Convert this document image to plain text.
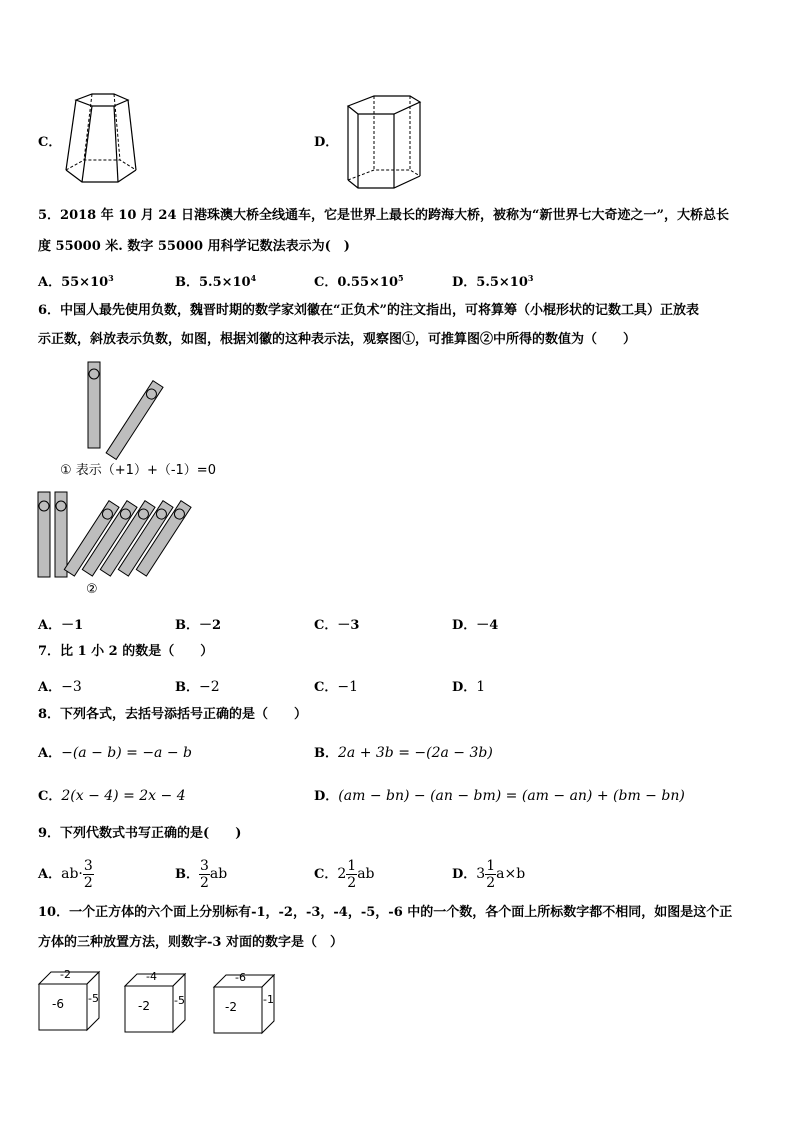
C．	D．
5．2018 年 10 月 24 日港珠澳大桥全线通车，它是世界上最长的跨海大桥，被称为“新世界七大奇迹之一”，大桥总长
度 55000 米. 数字 55000 用科学记数法表示为(　)
A．$55\times 10^3$	B．$5.5\times 10^4$	C．$0.55\times 10^5$	D．$5.5\times 10^3$
6．中国人最先使用负数，魏晋时期的数学家刘徽在“正负术”的注文指出，可将算筹（小棍形状的记数工具）正放表
示正数，斜放表示负数，如图，根据刘徽的这种表示法，观察图①，可推算图②中所得的数值为（　　）
① 表示（+1）+（-1）=0
②
A．－1	B．－2	C．－3	D．－4
7．比 1 小 2 的数是（　　）
A．−3	B．−2	C．−1	D．1
8．下列各式，去括号添括号正确的是（　　）
A．−(a − b) = −a − b	B．2a + 3b = −(2a − 3b)
C．2(x − 4) = 2x − 4	D．(am − bn) − (an − bm) = (am − an) + (bm − bn)
9．下列代数式书写正确的是(　　)
A．$ab\cdot \frac{3}{2}$	B． $\frac{3}{2}$ ab	C．$2 \frac{1}{2}$ ab	D．$3 \frac{1}{2} a\times b$
10．一个正方体的六个面上分别标有-1，-2，-3，-4，-5，-6 中的一个数，各个面上所标数字都不相同，如图是这个正
方体的三种放置方法，则数字-3 对面的数字是（　）
-2
-6 -5
-4
-2 -5
-6
-2
-1
